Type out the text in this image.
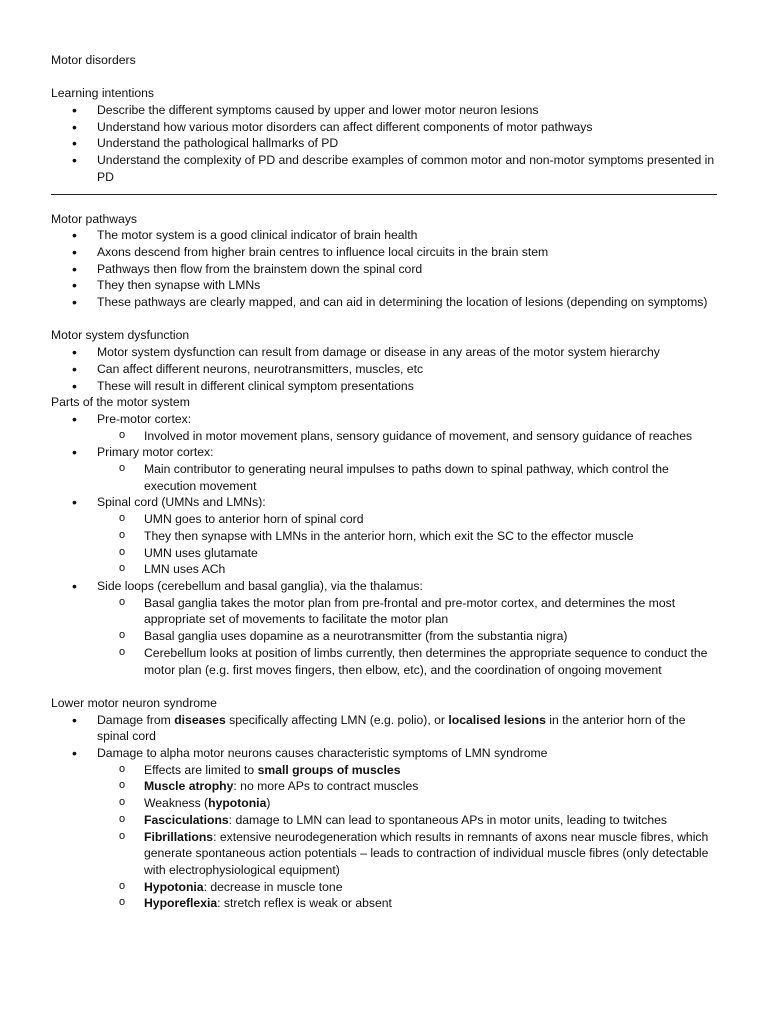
Motor disorders
Learning intentions
• Describe the different symptoms caused by upper and lower motor neuron lesions
• Understand how various motor disorders can affect different components of motor pathways
• Understand the pathological hallmarks of PD
• Understand the complexity of PD and describe examples of common motor and non-motor symptoms presented in PD
Motor pathways
• The motor system is a good clinical indicator of brain health
• Axons descend from higher brain centres to influence local circuits in the brain stem
• Pathways then flow from the brainstem down the spinal cord
• They then synapse with LMNs
• These pathways are clearly mapped, and can aid in determining the location of lesions (depending on symptoms)
Motor system dysfunction
• Motor system dysfunction can result from damage or disease in any areas of the motor system hierarchy
• Can affect different neurons, neurotransmitters, muscles, etc
• These will result in different clinical symptom presentations
Parts of the motor system
• Pre-motor cortex:
o Involved in motor movement plans, sensory guidance of movement, and sensory guidance of reaches
• Primary motor cortex:
o Main contributor to generating neural impulses to paths down to spinal pathway, which control the execution movement
• Spinal cord (UMNs and LMNs):
o UMN goes to anterior horn of spinal cord
o They then synapse with LMNs in the anterior horn, which exit the SC to the effector muscle
o UMN uses glutamate
o LMN uses ACh
• Side loops (cerebellum and basal ganglia), via the thalamus:
o Basal ganglia takes the motor plan from pre-frontal and pre-motor cortex, and determines the most appropriate set of movements to facilitate the motor plan
o Basal ganglia uses dopamine as a neurotransmitter (from the substantia nigra)
o Cerebellum looks at position of limbs currently, then determines the appropriate sequence to conduct the motor plan (e.g. first moves fingers, then elbow, etc), and the coordination of ongoing movement
Lower motor neuron syndrome
• Damage from diseases specifically affecting LMN (e.g. polio), or localised lesions in the anterior horn of the spinal cord
• Damage to alpha motor neurons causes characteristic symptoms of LMN syndrome
o Effects are limited to small groups of muscles
o Muscle atrophy: no more APs to contract muscles
o Weakness (hypotonia)
o Fasciculations: damage to LMN can lead to spontaneous APs in motor units, leading to twitches
o Fibrillations: extensive neurodegeneration which results in remnants of axons near muscle fibres, which generate spontaneous action potentials – leads to contraction of individual muscle fibres (only detectable with electrophysiological equipment)
o Hypotonia: decrease in muscle tone
o Hyporeflexia: stretch reflex is weak or absent
